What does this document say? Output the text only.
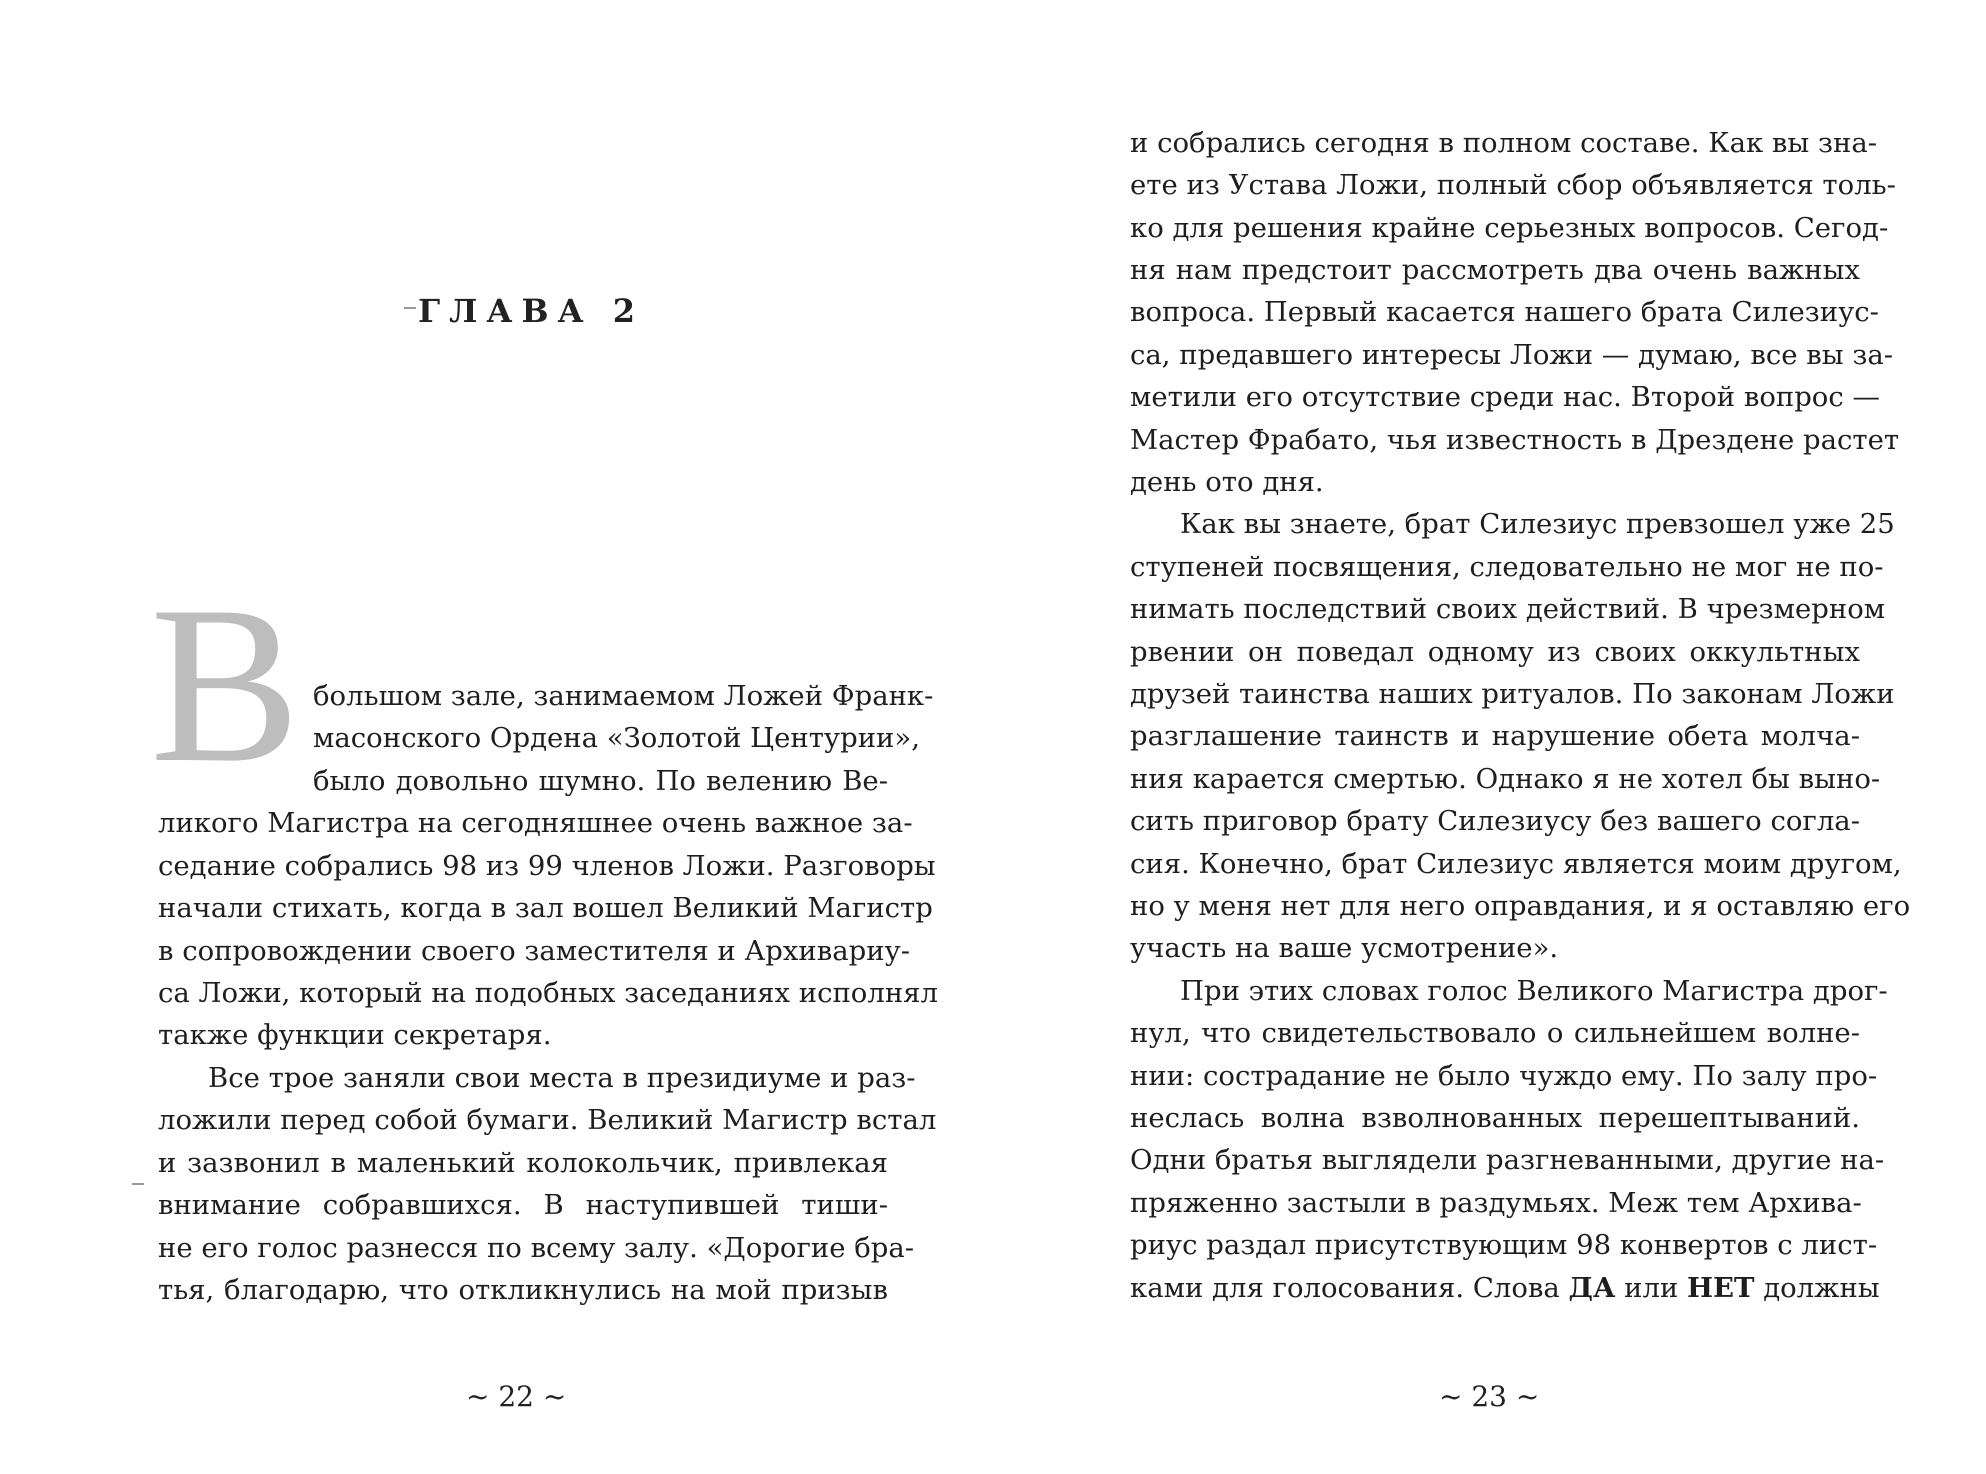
ГЛАВА 2
В большом зале, занимаемом Ложей Франк-
масонского Ордена «Золотой Центурии»,
было довольно шумно. По велению Ве-
ликого Магистра на сегодняшнее очень важное за-
седание собрались 98 из 99 членов Ложи. Разговоры
начали стихать, когда в зал вошел Великий Магистр
в сопровождении своего заместителя и Архивариу-
са Ложи, который на подобных заседаниях исполнял
также функции секретаря.
Все трое заняли свои места в президиуме и раз-
ложили перед собой бумаги. Великий Магистр встал
и зазвонил в маленький колокольчик, привлекая
внимание собравшихся. В наступившей тиши-
не его голос разнесся по всему залу. «Дорогие бра-
тья, благодарю, что откликнулись на мой призыв
~ 22 ~
и собрались сегодня в полном составе. Как вы зна-
ете из Устава Ложи, полный сбор объявляется толь-
ко для решения крайне серьезных вопросов. Сегод-
ня нам предстоит рассмотреть два очень важных
вопроса. Первый касается нашего брата Силезиус-
са, предавшего интересы Ложи — думаю, все вы за-
метили его отсутствие среди нас. Второй вопрос —
Мастер Фрабато, чья известность в Дрездене растет
день ото дня.
Как вы знаете, брат Силезиус превзошел уже 25
ступеней посвящения, следовательно не мог не по-
нимать последствий своих действий. В чрезмерном
рвении он поведал одному из своих оккультных
друзей таинства наших ритуалов. По законам Ложи
разглашение таинств и нарушение обета молча-
ния карается смертью. Однако я не хотел бы выно-
сить приговор брату Силезиусу без вашего согла-
сия. Конечно, брат Силезиус является моим другом,
но у меня нет для него оправдания, и я оставляю его
участь на ваше усмотрение».
При этих словах голос Великого Магистра дрог-
нул, что свидетельствовало о сильнейшем волне-
нии: сострадание не было чуждо ему. По залу про-
неслась волна взволнованных перешептываний.
Одни братья выглядели разгневанными, другие на-
пряженно застыли в раздумьях. Меж тем Архива-
риус раздал присутствующим 98 конвертов с лист-
ками для голосования. Слова ДА или НЕТ должны
~ 23 ~
